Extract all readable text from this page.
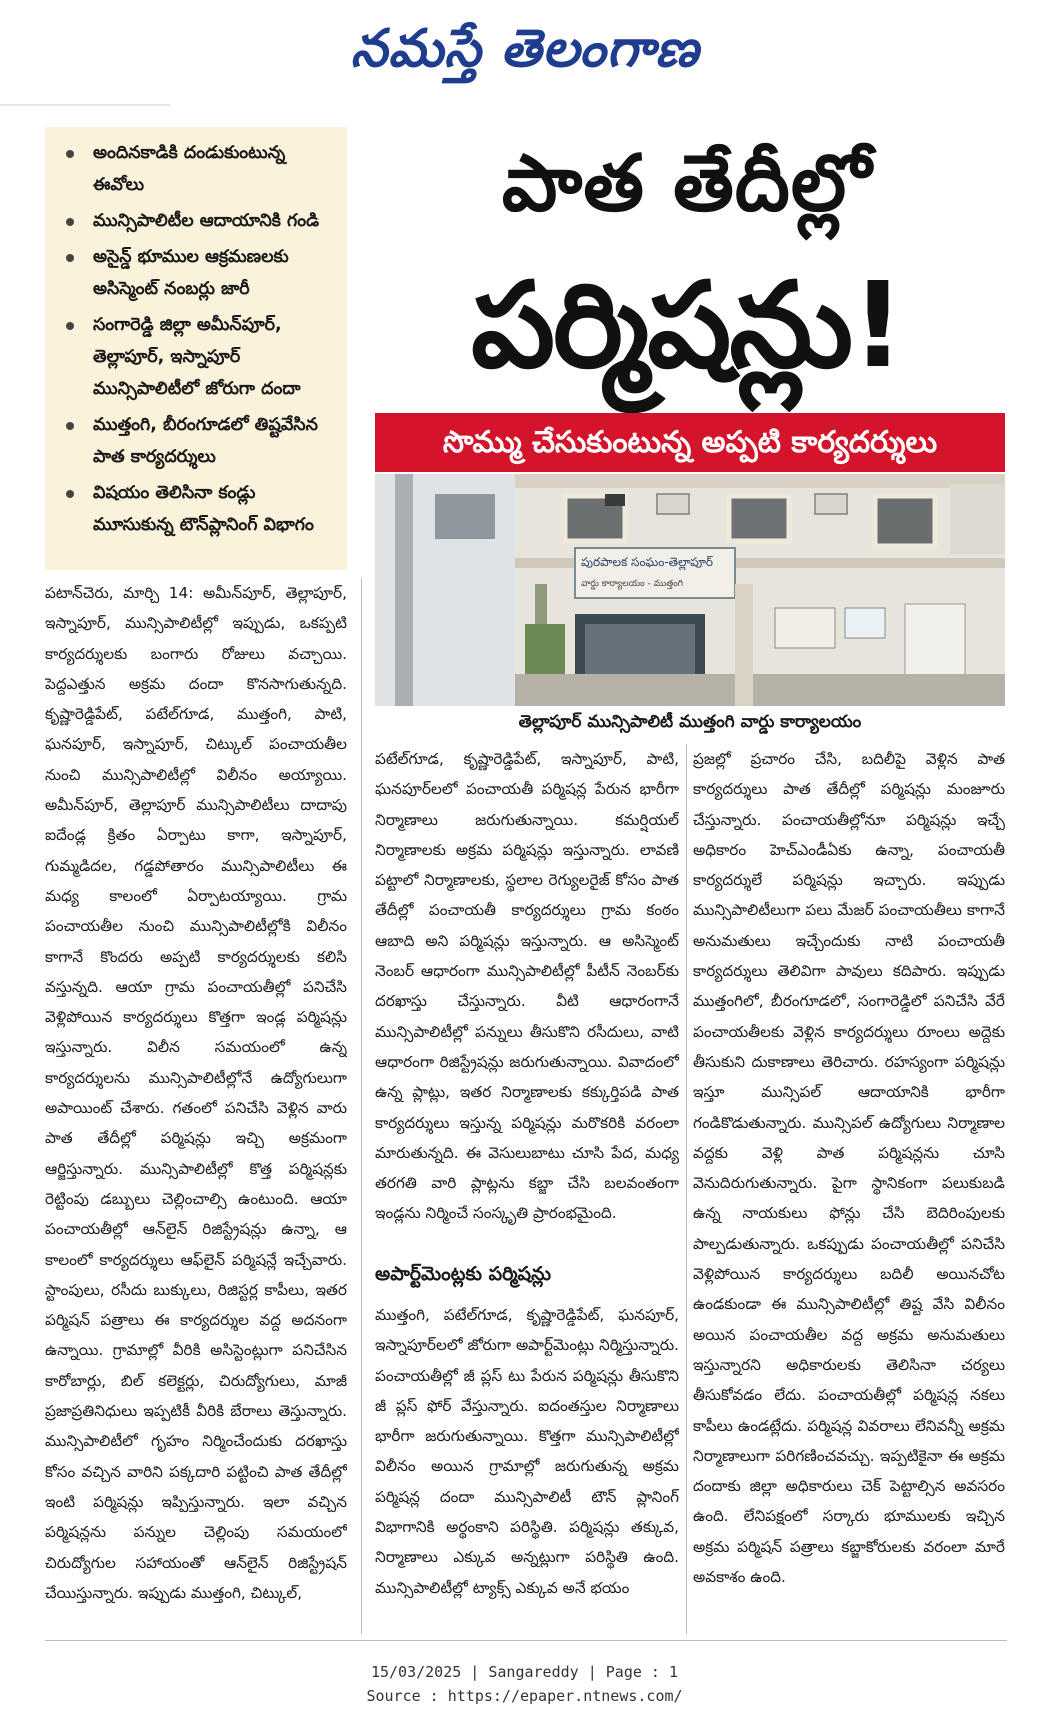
నమస్తే తెలంగాణ
అందినకాడికి దండుకుంటున్న ఈవోలు
మున్సిపాలిటీల ఆదాయానికి గండి
అసైన్డ్‌ భూముల ఆక్రమణలకు అసిస్మెంట్‌ నంబర్లు జారీ
సంగారెడ్డి జిల్లా అమీన్‌పూర్‌, తెల్లాపూర్‌, ఇస్నాపూర్‌ మున్సిపాలిటీలో జోరుగా దందా
ముత్తంగి, బీరంగూడలో తిష్టవేసిన పాత కార్యదర్శులు
విషయం తెలిసినా కండ్లు మూసుకున్న టౌన్‌ప్లానింగ్‌ విభాగం
పాత తేదీల్లో
పర్మిషన్లు!
సొమ్ము చేసుకుంటున్న అప్పటి కార్యదర్శులు
పురపాలక సంఘం-తెల్లాపూర్‌
వార్డు కార్యాలయం - ముత్తంగి
తెల్లాపూర్‌ మున్సిపాలిటీ ముత్తంగి వార్డు కార్యాలయం
పటాన్‌చెరు, మార్చి 14: అమీన్‌పూర్‌, తెల్లాపూర్‌, ఇస్నాపూర్‌, మున్సిపాలిటీల్లో ఇప్పుడు, ఒకప్పటి కార్యదర్శులకు బంగారు రోజులు వచ్చాయి. పెద్దఎత్తున అక్రమ దందా కొనసాగుతున్నది. కృష్ణారెడ్డిపేట్‌, పటేల్‌గూడ, ముత్తంగి, పాటి, ఘనపూర్‌, ఇస్నాపూర్‌, చిట్కుల్‌ పంచాయతీల నుంచి మున్సిపాలిటీల్లో విలీనం అయ్యాయి. అమీన్‌పూర్‌, తెల్లాపూర్‌ మున్సిపాలిటీలు దాదాపు ఐదేండ్ల క్రితం ఏర్పాటు కాగా, ఇస్నాపూర్‌, గుమ్మడిదల, గడ్డపోతారం మున్సిపాలిటీలు ఈ మధ్య కాలంలో ఏర్పాటయ్యాయి. గ్రామ పంచాయతీల నుంచి మున్సిపాలిటీల్లోకి విలీనం కాగానే కొందరు అప్పటి కార్యదర్శులకు కలిసి వస్తున్నది. ఆయా గ్రామ పంచాయతీల్లో పనిచేసి వెళ్లిపోయిన కార్యదర్శులు కొత్తగా ఇండ్ల పర్మిషన్లు ఇస్తున్నారు. విలీన సమయంలో ఉన్న కార్యదర్శులను మున్సిపాలిటీల్లోనే ఉద్యోగులుగా అపాయింట్‌ చేశారు. గతంలో పనిచేసి వెళ్లిన వారు పాత తేదీల్లో పర్మిషన్లు ఇచ్చి అక్రమంగా ఆర్జిస్తున్నారు. మున్సిపాలిటీల్లో కొత్త పర్మిషన్లకు రెట్టింపు డబ్బులు చెల్లించాల్సి ఉంటుంది. ఆయా పంచాయతీల్లో ఆన్‌లైన్‌ రిజిస్ట్రేషన్లు ఉన్నా, ఆ కాలంలో కార్యదర్శులు ఆఫ్‌లైన్‌ పర్మిషన్లే ఇచ్చేవారు. స్టాంపులు, రసీదు బుక్కులు, రిజిస్టర్ల కాపీలు, ఇతర పర్మిషన్‌ పత్రాలు ఈ కార్యదర్శుల వద్ద అదనంగా ఉన్నాయి. గ్రామాల్లో వీరికి అసిస్టెంట్లుగా పనిచేసిన కారోబార్లు, బిల్‌ కలెక్టర్లు, చిరుద్యోగులు, మాజీ ప్రజాప్రతినిధులు ఇప్పటికీ వీరికి బేరాలు తెస్తున్నారు. మున్సిపాలిటీలో గృహం నిర్మించేందుకు దరఖాస్తు కోసం వచ్చిన వారిని పక్కదారి పట్టించి పాత తేదీల్లో ఇంటి పర్మిషన్లు ఇప్పిస్తున్నారు. ఇలా వచ్చిన పర్మిషన్లను పన్నుల చెల్లింపు సమయంలో చిరుద్యోగుల సహాయంతో ఆన్‌లైన్‌ రిజిస్ట్రేషన్‌ చేయిస్తున్నారు. ఇప్పుడు ముత్తంగి, చిట్కుల్‌,
పటేల్‌గూడ, కృష్ణారెడ్డిపేట్‌, ఇస్నాపూర్‌, పాటి, ఘనపూర్‌లలో పంచాయతీ పర్మిషన్ల పేరున భారీగా నిర్మాణాలు జరుగుతున్నాయి. కమర్షియల్‌ నిర్మాణాలకు అక్రమ పర్మిషన్లు ఇస్తున్నారు. లావణి పట్టాలో నిర్మాణాలకు, స్థలాల రెగ్యులరైజ్‌ కోసం పాత తేదీల్లో పంచాయతీ కార్యదర్శులు గ్రామ కంఠం ఆబాది అని పర్మిషన్లు ఇస్తున్నారు. ఆ అసిస్మెంట్‌ నెంబర్‌ ఆధారంగా మున్సిపాలిటీల్లో పీటీన్‌ నెంబర్‌కు దరఖాస్తు చేస్తున్నారు. వీటి ఆధారంగానే మున్సిపాలిటీల్లో పన్నులు తీసుకొని రసీదులు, వాటి ఆధారంగా రిజిస్ట్రేషన్లు జరుగుతున్నాయి. వివాదంలో ఉన్న ప్లాట్లు, ఇతర నిర్మాణాలకు కక్కుర్తిపడి పాత కార్యదర్శులు ఇస్తున్న పర్మిషన్లు మరొకరికి వరంలా మారుతున్నది. ఈ వెసులుబాటు చూసి పేద, మధ్య తరగతి వారి ప్లాట్లను కబ్జా చేసి బలవంతంగా ఇండ్లను నిర్మించే సంస్కృతి ప్రారంభమైంది.
అపార్ట్‌మెంట్లకు పర్మిషన్లు
ముత్తంగి, పటేల్‌గూడ, కృష్ణారెడ్డిపేట్‌, ఘనపూర్‌, ఇస్నాపూర్‌లలో జోరుగా అపార్ట్‌మెంట్లు నిర్మిస్తున్నారు. పంచాయతీల్లో జీ ప్లస్‌ టు పేరున పర్మిషన్లు తీసుకొని జీ ప్లస్‌ ఫోర్‌ వేస్తున్నారు. ఐదంతస్తుల నిర్మాణాలు భారీగా జరుగుతున్నాయి. కొత్తగా మున్సిపాలిటీల్లో విలీనం అయిన గ్రామాల్లో జరుగుతున్న అక్రమ పర్మిషన్ల దందా మున్సిపాలిటీ టౌన్‌ ప్లానింగ్‌ విభాగానికి అర్థంకాని పరిస్థితి. పర్మిషన్లు తక్కువ, నిర్మాణాలు ఎక్కువ అన్నట్లుగా పరిస్థితి ఉంది. మున్సిపాలిటీల్లో ట్యాక్స్‌ ఎక్కువ అనే భయం
ప్రజల్లో ప్రచారం చేసి, బదిలీపై వెళ్లిన పాత కార్యదర్శులు పాత తేదీల్లో పర్మిషన్లు మంజూరు చేస్తున్నారు. పంచాయతీల్లోనూ పర్మిషన్లు ఇచ్చే అధికారం హెచ్‌ఎండీఏకు ఉన్నా, పంచాయతీ కార్యదర్శులే పర్మిషన్లు ఇచ్చారు. ఇప్పుడు మున్సిపాలిటీలుగా పలు మేజర్‌ పంచాయతీలు కాగానే అనుమతులు ఇచ్చేందుకు నాటి పంచాయతీ కార్యదర్శులు తెలివిగా పావులు కదిపారు. ఇప్పుడు ముత్తంగిలో, బీరంగూడలో, సంగారెడ్డిలో పనిచేసి వేరే పంచాయతీలకు వెళ్లిన కార్యదర్శులు రూంలు అద్దెకు తీసుకుని దుకాణాలు తెరిచారు. రహస్యంగా పర్మిషన్లు ఇస్తూ మున్సిపల్‌ ఆదాయానికి భారీగా గండికొడుతున్నారు. మున్సిపల్‌ ఉద్యోగులు నిర్మాణాల వద్దకు వెళ్లి పాత పర్మిషన్లను చూసి వెనుదిరుగుతున్నారు. పైగా స్థానికంగా పలుకుబడి ఉన్న నాయకులు ఫోన్లు చేసి బెదిరింపులకు పాల్పడుతున్నారు. ఒకప్పుడు పంచాయతీల్లో పనిచేసి వెళ్లిపోయిన కార్యదర్శులు బదిలీ అయినచోట ఉండకుండా ఈ మున్సిపాలిటీల్లో తిష్ట వేసి విలీనం అయిన పంచాయతీల వద్ద అక్రమ అనుమతులు ఇస్తున్నారని అధికారులకు తెలిసినా చర్యలు తీసుకోవడం లేదు. పంచాయతీల్లో పర్మిషన్ల నకలు కాపీలు ఉండట్లేదు. పర్మిషన్ల వివరాలు లేనివన్నీ అక్రమ నిర్మాణాలుగా పరిగణించవచ్చు. ఇప్పటికైనా ఈ అక్రమ దందాకు జిల్లా అధికారులు చెక్‌ పెట్టాల్సిన అవసరం ఉంది. లేనిపక్షంలో సర్కారు భూములకు ఇచ్చిన అక్రమ పర్మిషన్‌ పత్రాలు కబ్జాకోరులకు వరంలా మారే అవకాశం ఉంది.
15/03/2025 | Sangareddy | Page : 1
Source : https://epaper.ntnews.com/
